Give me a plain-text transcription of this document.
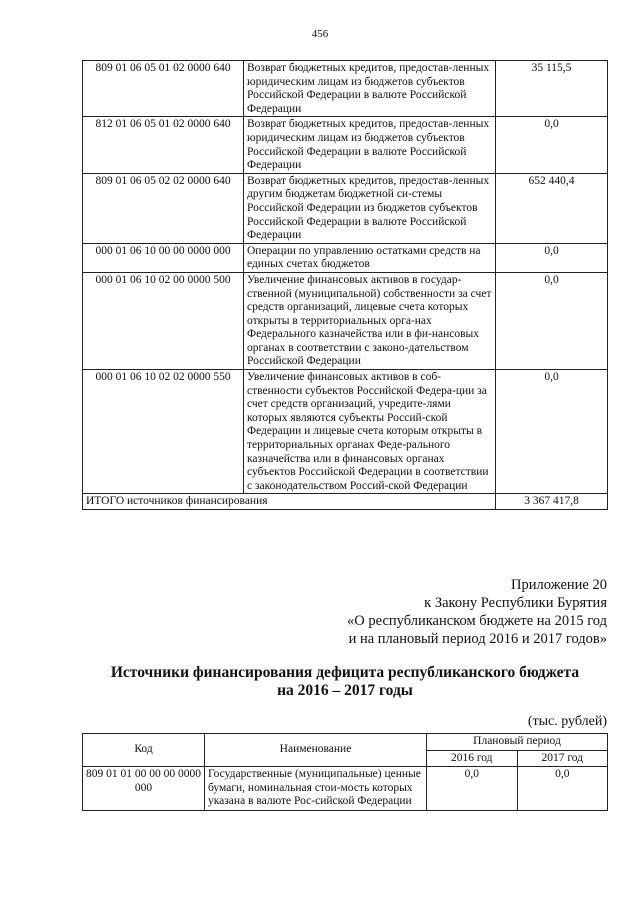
456
809 01 06 05 01 02 0000 640	Возврат бюджетных кредитов, предостав-ленных юридическим лицам из бюджетов субъектов Российской Федерации в валюте Российской Федерации	35 115,5
812 01 06 05 01 02 0000 640	Возврат бюджетных кредитов, предостав-ленных юридическим лицам из бюджетов субъектов Российской Федерации в валюте Российской Федерации	0,0
809 01 06 05 02 02 0000 640	Возврат бюджетных кредитов, предостав-ленных другим бюджетам бюджетной си-стемы Российской Федерации из бюджетов субъектов Российской Федерации в валюте Российской Федерации	652 440,4
000 01 06 10 00 00 0000 000	Операции по управлению остатками средств на единых счетах бюджетов	0,0
000 01 06 10 02 00 0000 500	Увеличение финансовых активов в государ-ственной (муниципальной) собственности за счет средств организаций, лицевые счета которых открыты в территориальных орга-нах Федерального казначейства или в фи-нансовых органах в соответствии с законо-дательством Российской Федерации	0,0
000 01 06 10 02 02 0000 550	Увеличение финансовых активов в соб-ственности субъектов Российской Федера-ции за счет средств организаций, учредите-лями которых являются субъекты Россий-ской Федерации и лицевые счета которым открыты в территориальных органах Феде-рального казначейства или в финансовых органах субъектов Российской Федерации в соответствии с законодательством Россий-ской Федерации	0,0
ИТОГО источников финансирования		3 367 417,8
Приложение 20
к Закону Республики Бурятия
«О республиканском бюджете на 2015 год
и на плановый период 2016 и 2017 годов»
Источники финансирования дефицита республиканского бюджета
на 2016 – 2017 годы
(тыс. рублей)
Код	Наименование	Плановый период	
		2016 год	2017 год
809 01 01 00 00 00 0000 000	Государственные (муниципальные) ценные бумаги, номинальная стои-мость которых указана в валюте Рос-сийской Федерации	0,0	0,0
